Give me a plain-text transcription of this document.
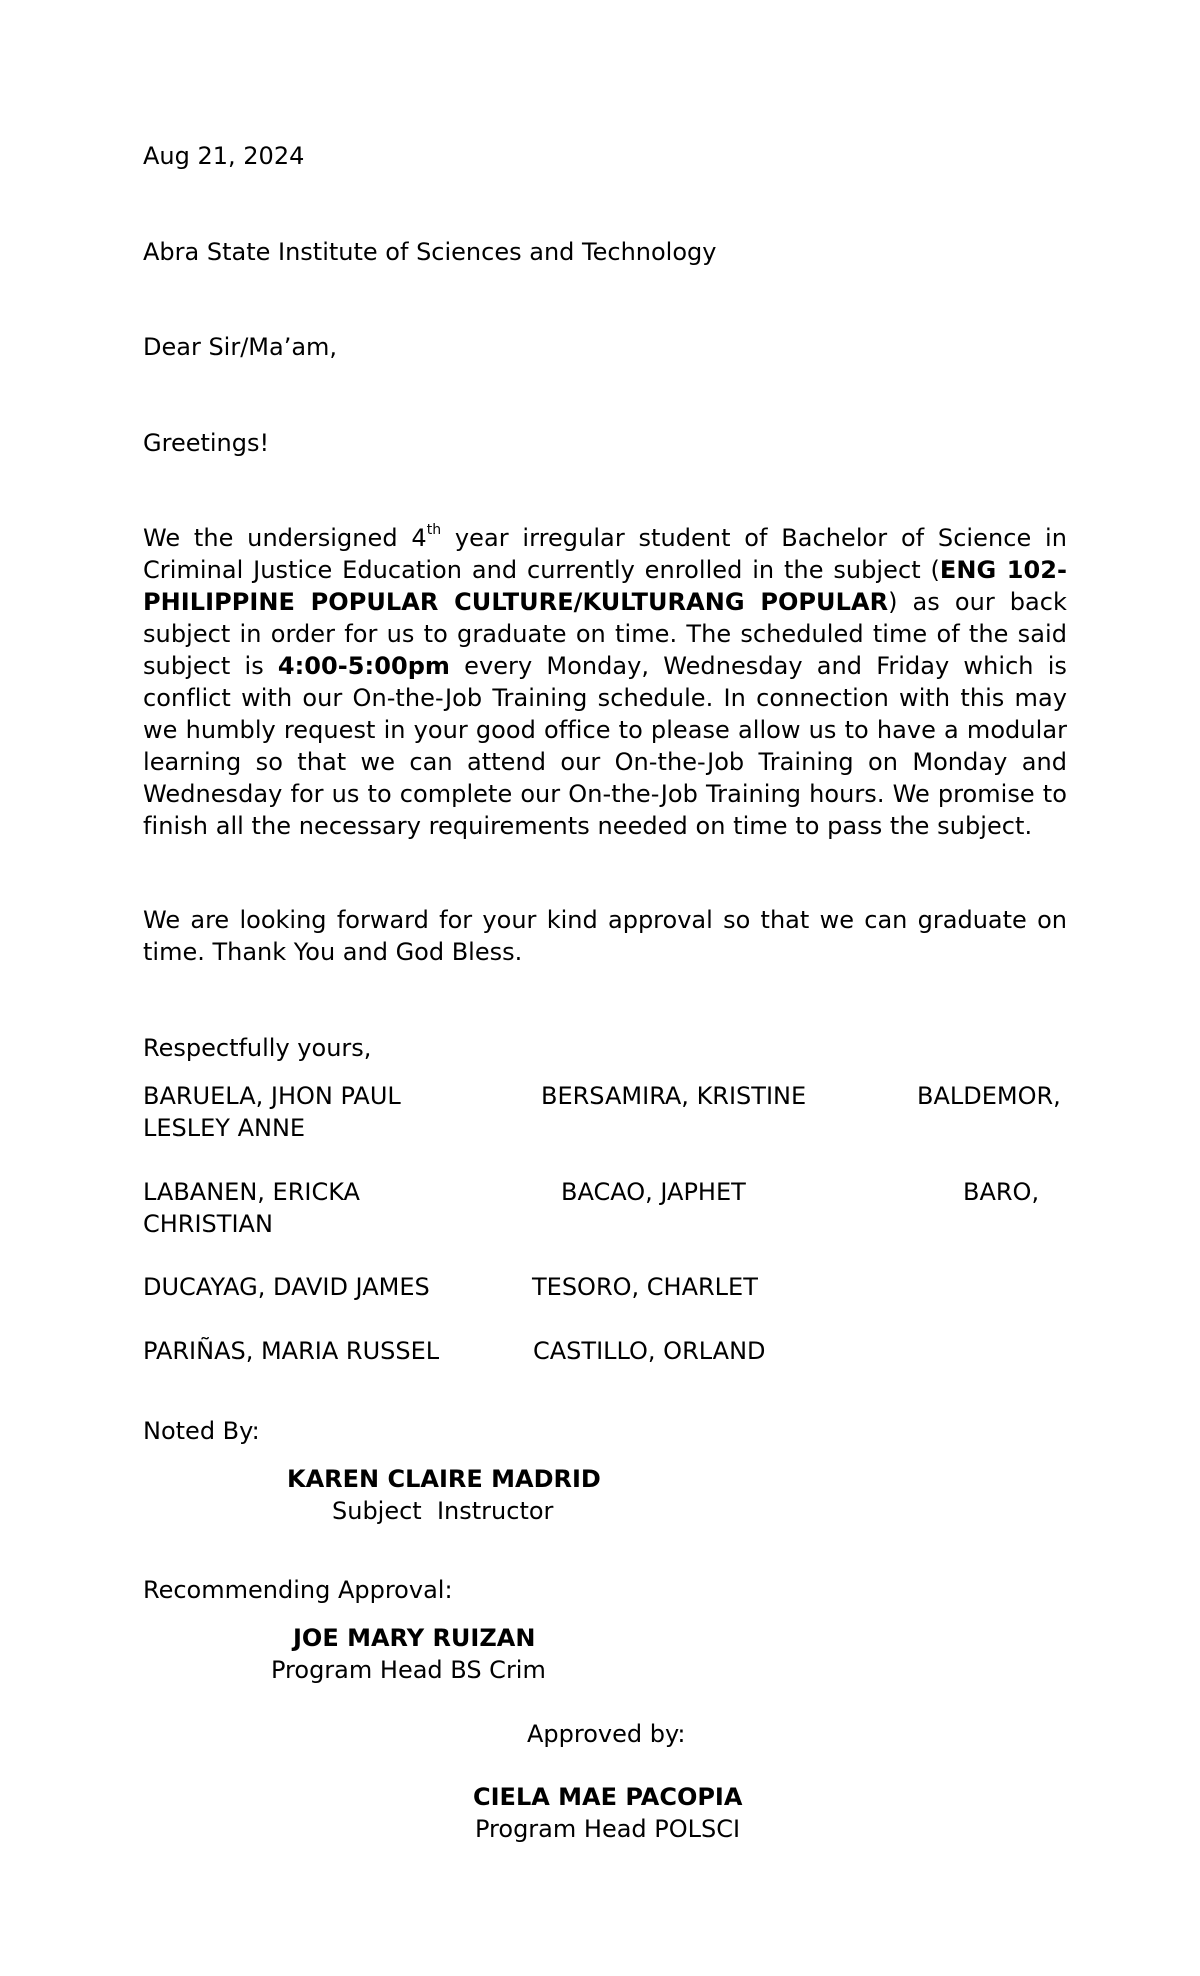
Aug 21, 2024
Abra State Institute of Sciences and Technology
Dear Sir/Ma’am,
Greetings!
We the undersigned 4th year irregular student of Bachelor of Science in Criminal Justice Education and currently enrolled in the subject (ENG 102-PHILIPPINE POPULAR CULTURE/KULTURANG POPULAR) as our back subject in order for us to graduate on time. The scheduled time of the said subject is 4:00-5:00pm every Monday, Wednesday and Friday which is conflict with our On-the-Job Training schedule. In connection with this may we humbly request in your good office to please allow us to have a modular learning so that we can attend our On-the-Job Training on Monday and Wednesday for us to complete our On-the-Job Training hours. We promise to finish all the necessary requirements needed on time to pass the subject.
We are looking forward for your kind approval so that we can graduate on time. Thank You and God Bless.
Respectfully yours,
BARUELA, JHON PAUL	BERSAMIRA, KRISTINE	BALDEMOR,
LESLEY ANNE
LABANEN, ERICKA	BACAO, JAPHET	BARO,
CHRISTIAN
DUCAYAG, DAVID JAMES	TESORO, CHARLET
PARIÑAS, MARIA RUSSEL	CASTILLO, ORLAND
Noted By:
KAREN CLAIRE MADRID
Subject  Instructor
Recommending Approval:
JOE MARY RUIZAN
Program Head BS Crim
Approved by:
CIELA MAE PACOPIA
Program Head POLSCI
